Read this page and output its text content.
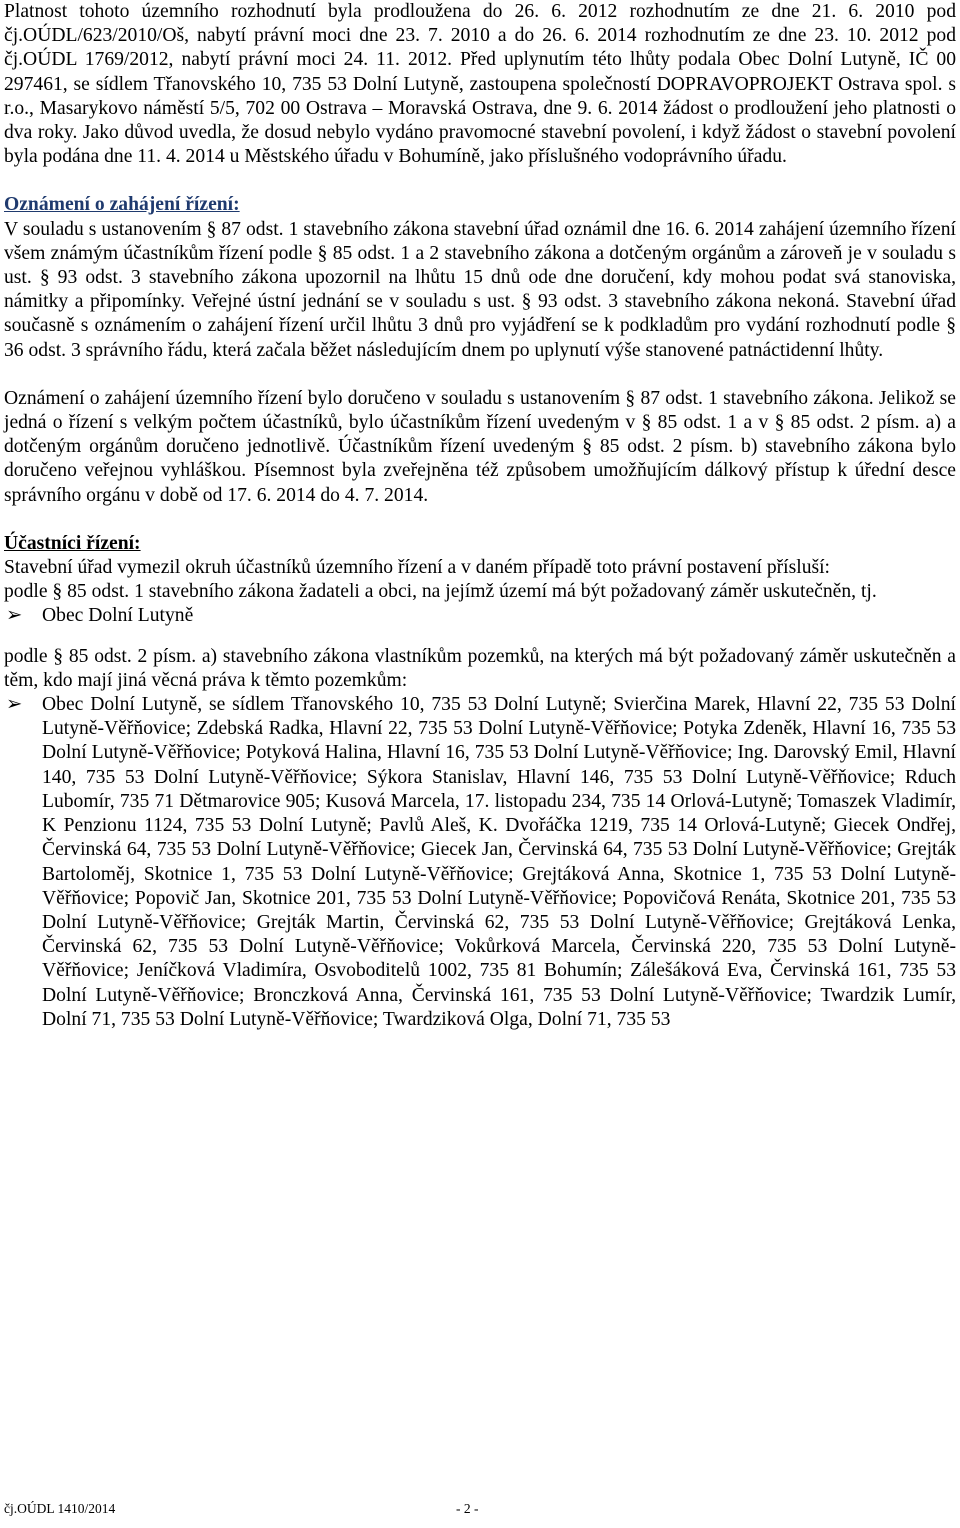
Platnost tohoto územního rozhodnutí byla prodloužena do 26. 6. 2012 rozhodnutím ze dne 21. 6. 2010 pod čj.OÚDL/623/2010/Oš, nabytí právní moci dne 23. 7. 2010 a do 26. 6. 2014 rozhodnutím ze dne 23. 10. 2012 pod čj.OÚDL 1769/2012, nabytí právní moci 24. 11. 2012. Před uplynutím této lhůty podala Obec Dolní Lutyně, IČ 00 297461, se sídlem Třanovského 10, 735 53 Dolní Lutyně, zastoupena společností DOPRAVOPROJEKT Ostrava spol. s r.o., Masarykovo náměstí 5/5, 702 00 Ostrava – Moravská Ostrava, dne 9. 6. 2014 žádost o prodloužení jeho platnosti o dva roky. Jako důvod uvedla, že dosud nebylo vydáno pravomocné stavební povolení, i když žádost o stavební povolení byla podána dne 11. 4. 2014 u Městského úřadu v Bohumíně, jako příslušného vodoprávního úřadu.

Oznámení o zahájení řízení:

V souladu s ustanovením § 87 odst. 1 stavebního zákona stavební úřad oznámil dne 16. 6. 2014 zahájení územního řízení všem známým účastníkům řízení podle § 85 odst. 1 a 2 stavebního zákona a dotčeným orgánům a zároveň je v souladu s ust. § 93 odst. 3 stavebního zákona upozornil na lhůtu 15 dnů ode dne doručení, kdy mohou podat svá stanoviska, námitky a připomínky. Veřejné ústní jednání se v souladu s ust. § 93 odst. 3 stavebního zákona nekoná. Stavební úřad současně s oznámením o zahájení řízení určil lhůtu 3 dnů pro vyjádření se k podkladům pro vydání rozhodnutí podle § 36 odst. 3 správního řádu, která začala běžet následujícím dnem po uplynutí výše stanovené patnáctidenní lhůty.

Oznámení o zahájení územního řízení bylo doručeno v souladu s ustanovením § 87 odst. 1 stavebního zákona. Jelikož se jedná o řízení s velkým počtem účastníků, bylo účastníkům řízení uvedeným v § 85 odst. 1 a v § 85 odst. 2 písm. a) a dotčeným orgánům doručeno jednotlivě. Účastníkům řízení uvedeným § 85 odst. 2 písm. b) stavebního zákona bylo doručeno veřejnou vyhláškou. Písemnost byla zveřejněna též způsobem umožňujícím dálkový přístup k úřední desce správního orgánu v době od 17. 6. 2014 do 4. 7. 2014.

Účastníci řízení:

Stavební úřad vymezil okruh účastníků územního řízení a v daném případě toto právní postavení přísluší:

podle § 85 odst. 1 stavebního zákona žadateli a obci, na jejímž území má být požadovaný záměr uskutečněn, tj.

➢ Obec Dolní Lutyně

podle § 85 odst. 2 písm. a) stavebního zákona vlastníkům pozemků, na kterých má být požadovaný záměr uskutečněn a těm, kdo mají jiná věcná práva k těmto pozemkům:

➢ Obec Dolní Lutyně, se sídlem Třanovského 10, 735 53 Dolní Lutyně; Svierčina Marek, Hlavní 22, 735 53 Dolní Lutyně-Věřňovice; Zdebská Radka, Hlavní 22, 735 53 Dolní Lutyně-Věřňovice; Potyka Zdeněk, Hlavní 16, 735 53 Dolní Lutyně-Věřňovice; Potyková Halina, Hlavní 16, 735 53 Dolní Lutyně-Věřňovice; Ing. Darovský Emil, Hlavní 140, 735 53 Dolní Lutyně-Věřňovice; Sýkora Stanislav, Hlavní 146, 735 53 Dolní Lutyně-Věřňovice; Rduch Lubomír, 735 71 Dětmarovice 905; Kusová Marcela, 17. listopadu 234, 735 14 Orlová-Lutyně; Tomaszek Vladimír, K Penzionu 1124, 735 53 Dolní Lutyně; Pavlů Aleš, K. Dvořáčka 1219, 735 14 Orlová-Lutyně; Giecek Ondřej, Červinská 64, 735 53 Dolní Lutyně-Věřňovice; Giecek Jan, Červinská 64, 735 53 Dolní Lutyně-Věřňovice; Grejták Bartoloměj, Skotnice 1, 735 53 Dolní Lutyně-Věřňovice; Grejtáková Anna, Skotnice 1, 735 53 Dolní Lutyně-Věřňovice; Popovič Jan, Skotnice 201, 735 53 Dolní Lutyně-Věřňovice; Popovičová Renáta, Skotnice 201, 735 53 Dolní Lutyně-Věřňovice; Grejták Martin, Červinská 62, 735 53 Dolní Lutyně-Věřňovice; Grejtáková Lenka, Červinská 62, 735 53 Dolní Lutyně-Věřňovice; Vokůrková Marcela, Červinská 220, 735 53 Dolní Lutyně-Věřňovice; Jeníčková Vladimíra, Osvoboditelů 1002, 735 81 Bohumín; Zálešáková Eva, Červinská 161, 735 53 Dolní Lutyně-Věřňovice; Bronczková Anna, Červinská 161, 735 53 Dolní Lutyně-Věřňovice; Twardzik Lumír, Dolní 71, 735 53 Dolní Lutyně-Věřňovice; Twardziková Olga, Dolní 71, 735 53
čj.OÚDL 1410/2014	- 2 -
